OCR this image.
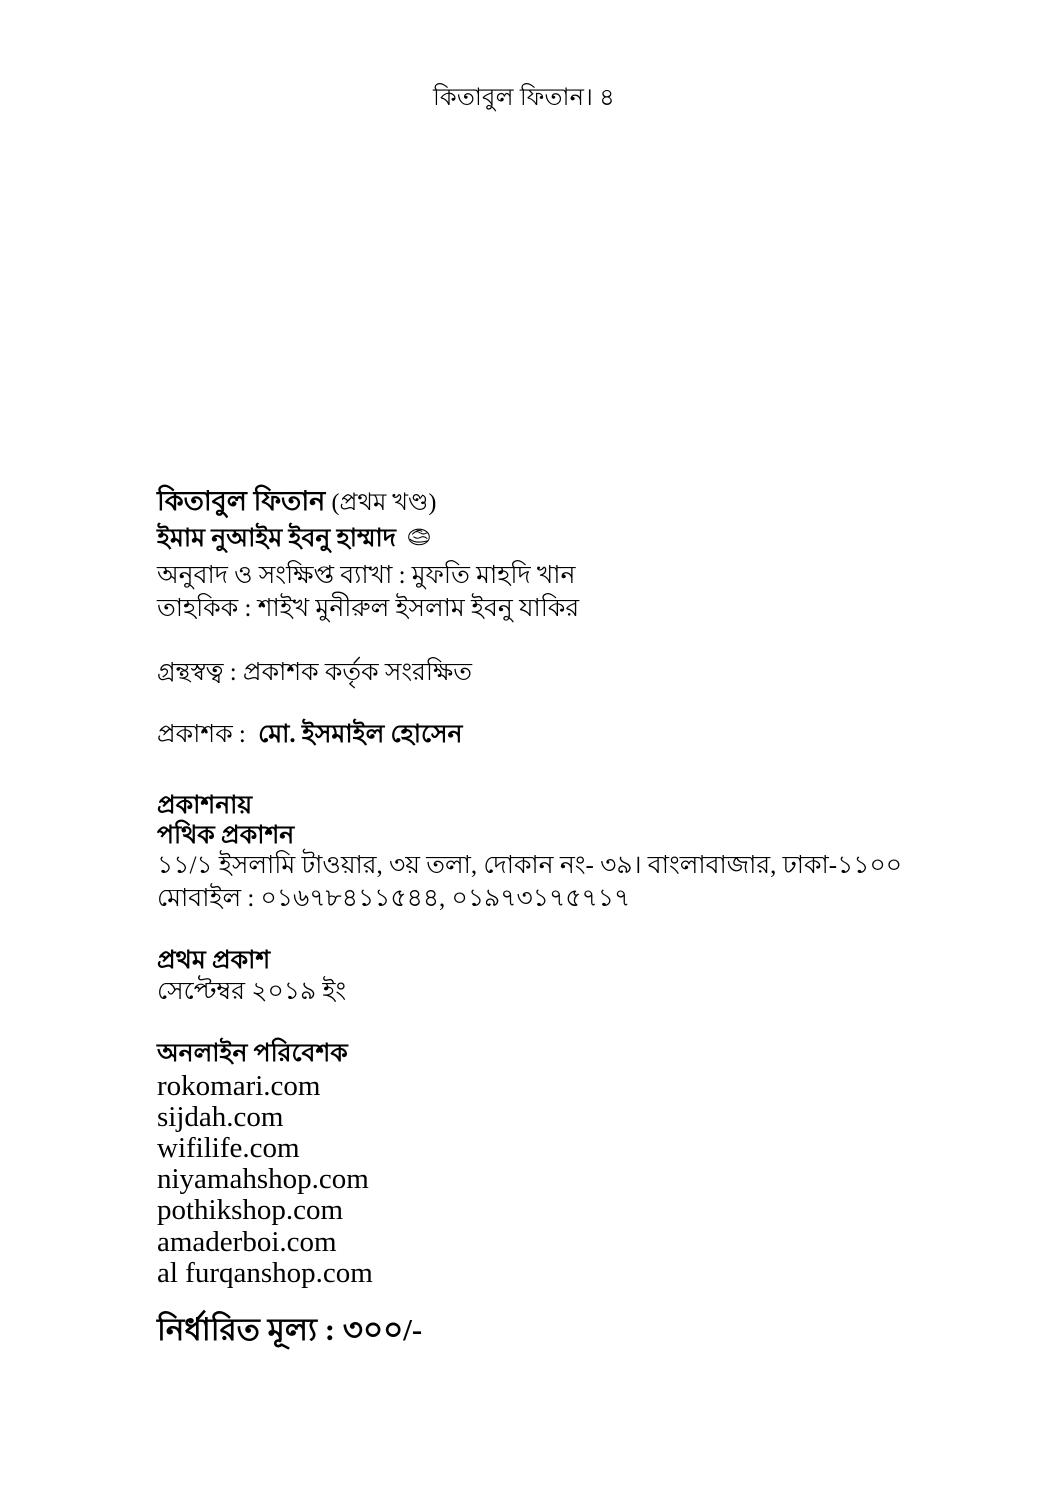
কিতাবুল ফিতান। ৪
কিতাবুল ফিতান (প্রথম খণ্ড)
ইমাম নুআইম ইবনু হাম্মাদ
অনুবাদ ও সংক্ষিপ্ত ব্যাখা : মুফতি মাহদি খান
তাহকিক : শাইখ মুনীরুল ইসলাম ইবনু যাকির
গ্রন্থস্বত্ব : প্রকাশক কর্তৃক সংরক্ষিত
প্রকাশক : মো. ইসমাইল হোসেন
প্রকাশনায়
পথিক প্রকাশন
১১/১ ইসলামি টাওয়ার, ৩য় তলা, দোকান নং- ৩৯। বাংলাবাজার, ঢাকা-১১০০
মোবাইল : ০১৬৭৮৪১১৫৪৪, ০১৯৭৩১৭৫৭১৭
প্রথম প্রকাশ
সেপ্টেম্বর ২০১৯ ইং
অনলাইন পরিবেশক
rokomari.com
sijdah.com
wifilife.com
niyamahshop.com
pothikshop.com
amaderboi.com
al furqanshop.com
নির্ধারিত মূল্য : ৩০০/-
